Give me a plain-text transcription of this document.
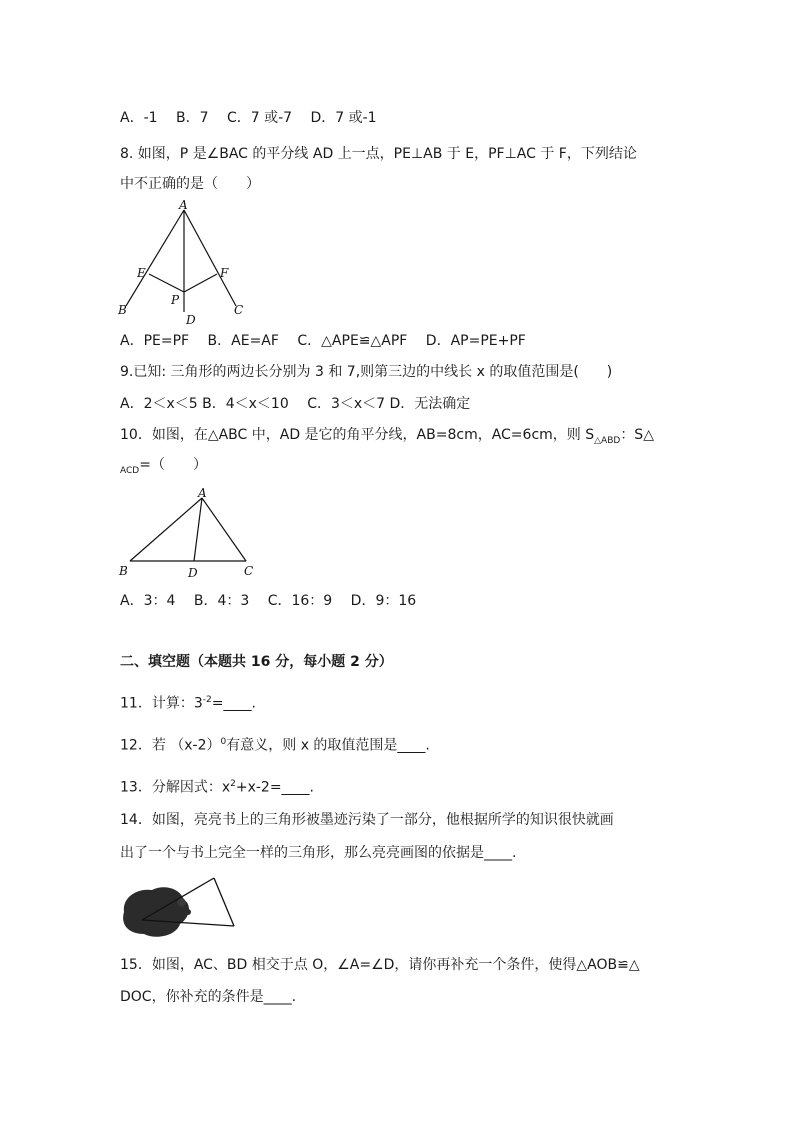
A．-1　 B．7　 C．7 或-7　 D．7 或-1
8. 如图，P 是∠BAC 的平分线 AD 上一点，PE⊥AB 于 E，PF⊥AC 于 F，下列结论
中不正确的是（　　）
A
E	F
P
B	C
D
A．PE=PF　 B．AE=AF　 C．△APE≌△APF　 D．AP=PE+PF
9.已知: 三角形的两边长分别为 3 和 7,则第三边的中线长 x 的取值范围是(　　)
A．2＜x＜5 B．4＜x＜10　 C．3＜x＜7 D．无法确定
10．如图，在△ABC 中，AD 是它的角平分线，AB=8cm，AC=6cm，则 $S_{\triangle ABD}$：S△
$_{ACD}$=（　　）
A
B	D	C
A．3：4　 B．4：3　 C．16：9　 D．9：16
二、填空题（本题共 16 分，每小题 2 分）
11．计算：$3^{-2}=\_\_\_\_$.
12．若 $(x-2)^0$有意义，则 x 的取值范围是____.
13．分解因式：$x^2+x-2=\_\_\_\_$.
14．如图，亮亮书上的三角形被墨迹污染了一部分，他根据所学的知识很快就画
出了一个与书上完全一样的三角形，那么亮亮画图的依据是____.
15．如图，AC、BD 相交于点 O，∠A=∠D，请你再补充一个条件，使得△AOB≌△
DOC，你补充的条件是____.
